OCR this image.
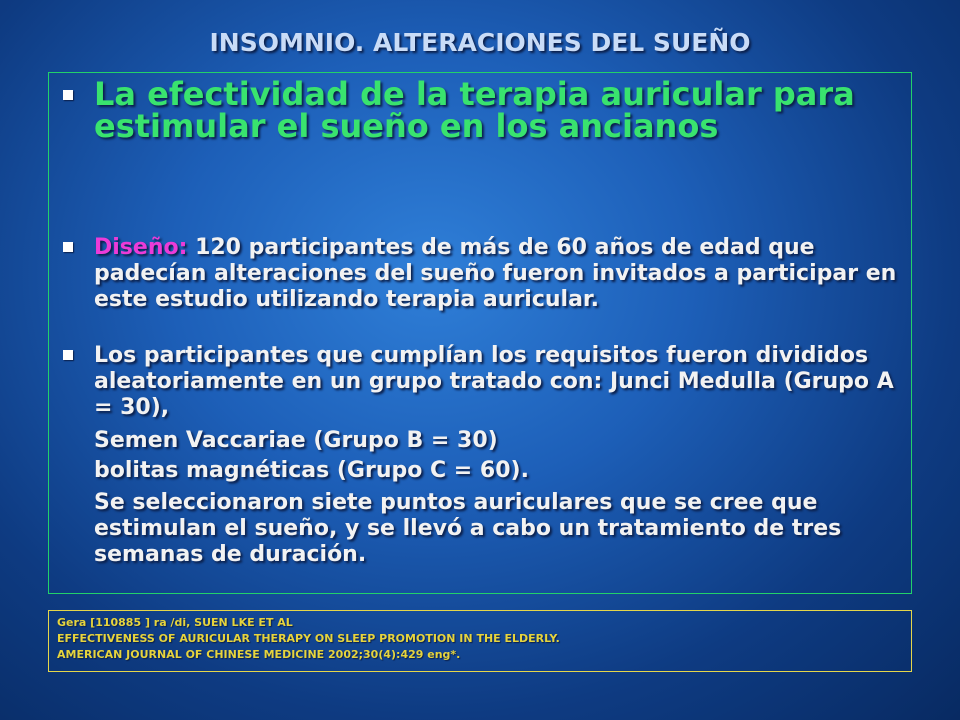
INSOMNIO. ALTERACIONES DEL SUEÑO
La efectividad de la terapia auricular para estimular el sueño en los ancianos
Diseño: 120 participantes de más de 60 años de edad que padecían alteraciones del sueño fueron invitados a participar en este estudio utilizando terapia auricular.
Los participantes que cumplían los requisitos fueron divididos aleatoriamente en un grupo tratado con: Junci Medulla (Grupo A = 30),
Semen Vaccariae (Grupo B = 30)
bolitas magnéticas (Grupo C = 60).
Se seleccionaron siete puntos auriculares que se cree que estimulan el sueño, y se llevó a cabo un tratamiento de tres semanas de duración.
Gera [110885 ] ra /di, SUEN LKE ET AL
EFFECTIVENESS OF AURICULAR THERAPY ON SLEEP PROMOTION IN THE ELDERLY.
AMERICAN JOURNAL OF CHINESE MEDICINE 2002;30(4):429 eng*.
